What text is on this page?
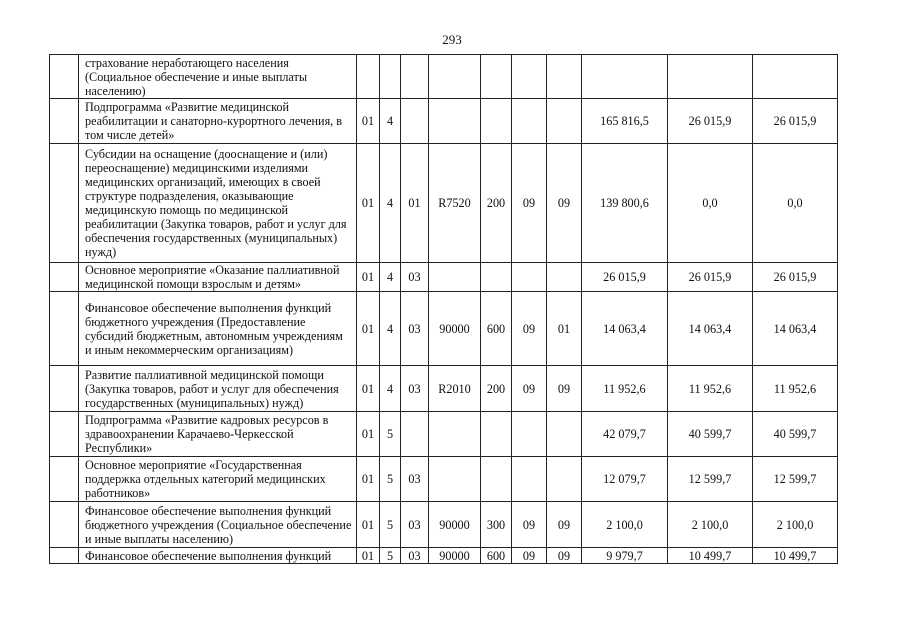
293
	страхование неработающего населения (Социальное обеспечение и иные выплаты населению)										
	Подпрограмма «Развитие медицинской реабилитации и санаторно-курортного лечения, в том числе детей»	01	4						165 816,5	26 015,9	26 015,9
	Субсидии на оснащение (дооснащение и (или) переоснащение) медицинскими изделиями медицинских организаций, имеющих в своей структуре подразделения, оказывающие медицинскую помощь по медицинской реабилитации (Закупка товаров, работ и услуг для обеспечения государственных (муниципальных) нужд)	01	4	01	R7520	200	09	09	139 800,6	0,0	0,0
	Основное мероприятие «Оказание паллиативной медицинской помощи взрослым и детям»	01	4	03					26 015,9	26 015,9	26 015,9
	Финансовое обеспечение выполнения функций бюджетного учреждения (Предоставление субсидий бюджетным, автономным учреждениям и иным некоммерческим организациям)	01	4	03	90000	600	09	01	14 063,4	14 063,4	14 063,4
	Развитие паллиативной медицинской помощи (Закупка товаров, работ и услуг для обеспечения государственных (муниципальных) нужд)	01	4	03	R2010	200	09	09	11 952,6	11 952,6	11 952,6
	Подпрограмма «Развитие кадровых ресурсов в здравоохранении Карачаево-Черкесской Республики»	01	5						42 079,7	40 599,7	40 599,7
	Основное мероприятие «Государственная поддержка отдельных категорий медицинских работников»	01	5	03					12 079,7	12 599,7	12 599,7
	Финансовое обеспечение выполнения функций бюджетного учреждения (Социальное обеспечение и иные выплаты населению)	01	5	03	90000	300	09	09	2 100,0	2 100,0	2 100,0
	Финансовое обеспечение выполнения функций	01	5	03	90000	600	09	09	9 979,7	10 499,7	10 499,7
